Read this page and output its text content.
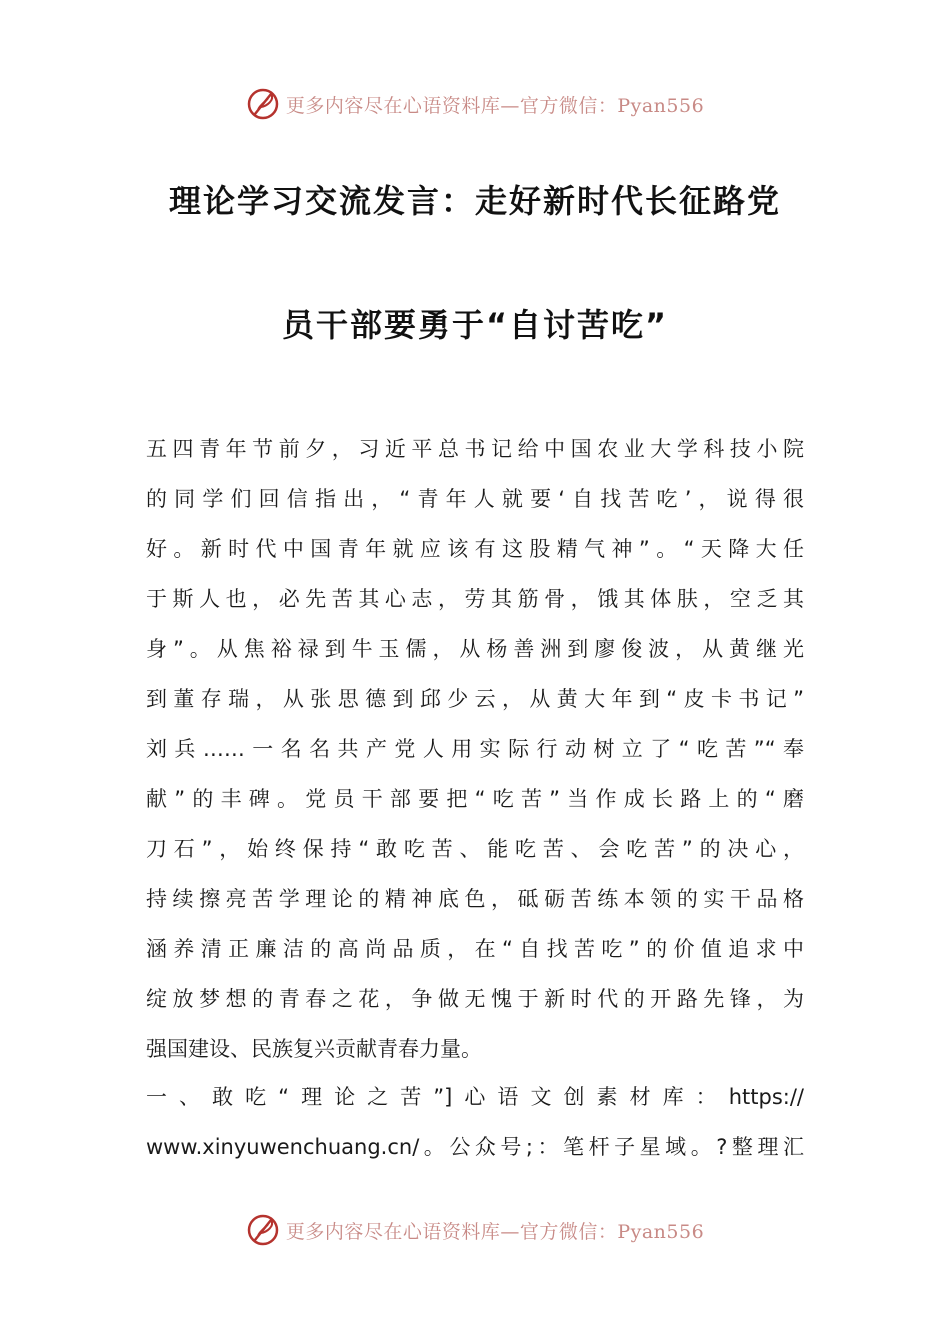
更多内容尽在心语资料库—官方微信：Pyan556
理论学习交流发言：走好新时代长征路党
员干部要勇于“自讨苦吃”
五四青年节前夕，习近平总书记给中国农业大学科技小院
的同学们回信指出，“青年人就要‘自找苦吃’，说得很
好。新时代中国青年就应该有这股精气神”。“天降大任
于斯人也，必先苦其心志，劳其筋骨，饿其体肤，空乏其
身”。从焦裕禄到牛玉儒，从杨善洲到廖俊波，从黄继光
到董存瑞，从张思德到邱少云，从黄大年到“皮卡书记”
刘兵……一名名共产党人用实际行动树立了“吃苦”“奉
献”的丰碑。党员干部要把“吃苦”当作成长路上的“磨
刀石”，始终保持“敢吃苦、能吃苦、会吃苦”的决心，
持续擦亮苦学理论的精神底色，砥砺苦练本领的实干品格
涵养清正廉洁的高尚品质，在“自找苦吃”的价值追求中
绽放梦想的青春之花，争做无愧于新时代的开路先锋，为
强国建设、民族复兴贡献青春力量。
一、敢吃“理论之苦”]心语文创素材库：https://
www.xinyuwenchuang.cn/。公众号;：笔杆子星域。?整理汇
更多内容尽在心语资料库—官方微信：Pyan556
